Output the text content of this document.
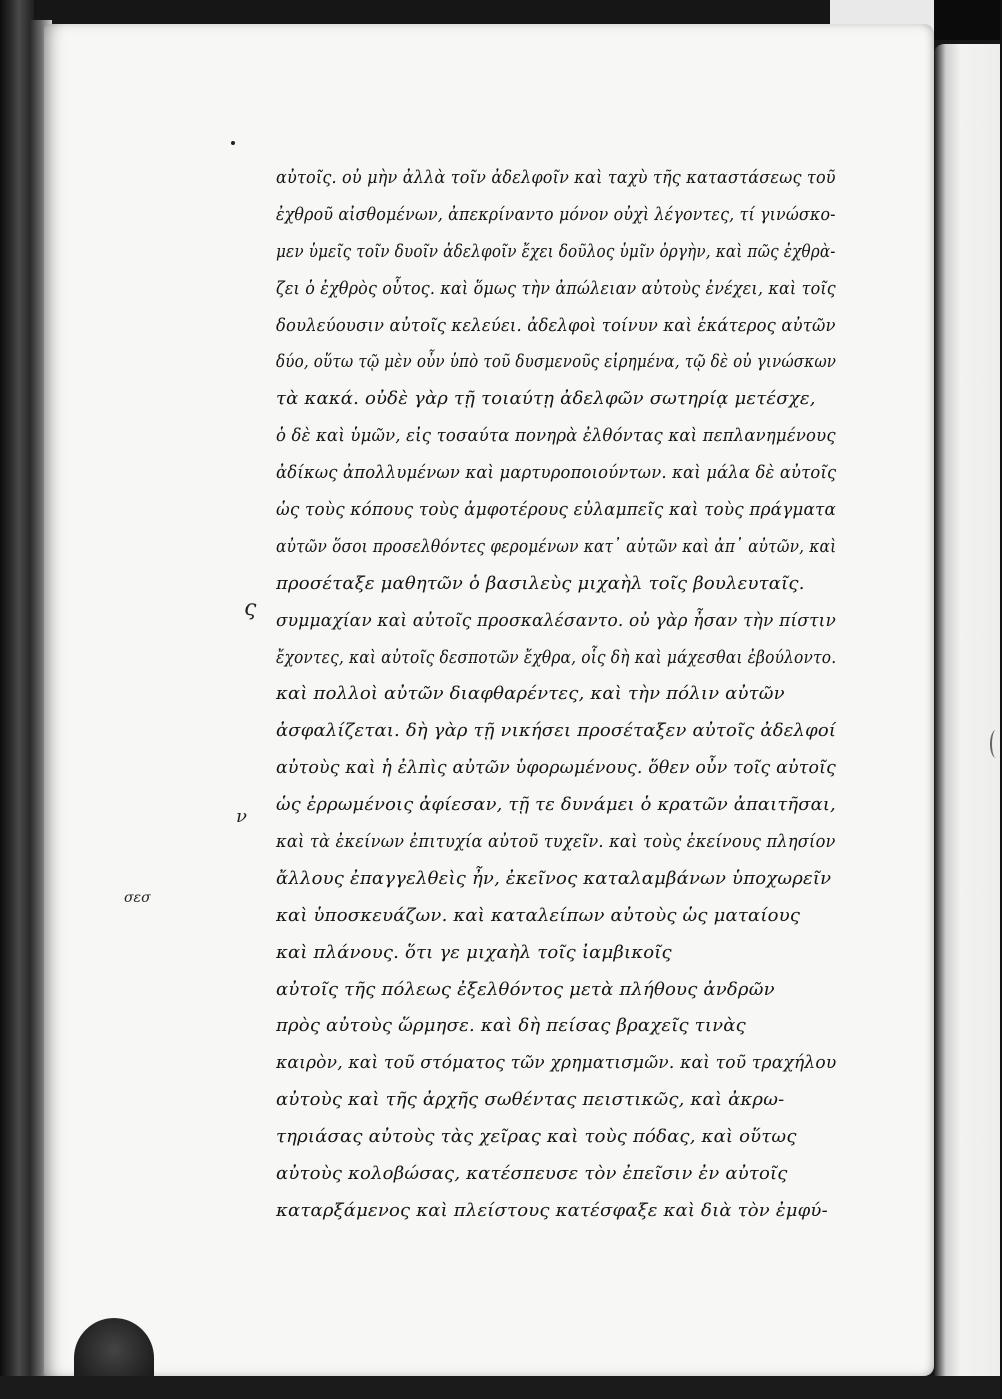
αὐτοῖς. οὐ μὴν ἀλλὰ τοῖν ἀδελφοῖν καὶ ταχὺ τῆς καταστάσεως τοῦ
ἐχθροῦ αἰσθομένων, ἀπεκρίναντο μόνον οὐχὶ λέγοντες, τί γινώσκο-
μεν ὑμεῖς τοῖν δυοῖν ἀδελφοῖν ἔχει δοῦλος ὑμῖν ὀργὴν, καὶ πῶς ἐχθρὰ-
ζει ὁ ἐχθρὸς οὗτος. καὶ ὅμως τὴν ἀπώλειαν αὐτοὺς ἐνέχει, καὶ τοῖς
δουλεύουσιν αὐτοῖς κελεύει. ἀδελφοὶ τοίνυν καὶ ἑκάτερος αὐτῶν
δύο, οὕτω τῷ μὲν οὖν ὑπὸ τοῦ δυσμενοῦς εἰρημένα, τῷ δὲ οὐ γινώσκων
τὰ κακά. οὐδὲ γὰρ τῇ τοιαύτῃ ἀδελφῶν σωτηρίᾳ μετέσχε,
ὁ δὲ καὶ ὑμῶν, εἰς τοσαύτα πονηρὰ ἐλθόντας καὶ πεπλανημένους
ἀδίκως ἀπολλυμένων καὶ μαρτυροποιούντων. καὶ μάλα δὲ αὐτοῖς
ὡς τοὺς κόπους τοὺς ἀμφοτέρους εὐλαμπεῖς καὶ τοὺς πράγματα
αὐτῶν ὅσοι προσελθόντες φερομένων κατ᾽ αὐτῶν καὶ ἀπ᾽ αὐτῶν, καὶ
προσέταξε μαθητῶν ὁ βασιλεὺς μιχαὴλ τοῖς βουλευταῖς.
συμμαχίαν καὶ αὐτοῖς προσκαλέσαντο. οὐ γὰρ ἦσαν τὴν πίστιν
ἔχοντες, καὶ αὐτοῖς δεσποτῶν ἔχθρα, οἷς δὴ καὶ μάχεσθαι ἐβούλοντο.
καὶ πολλοὶ αὐτῶν διαφθαρέντες, καὶ τὴν πόλιν αὐτῶν
ἀσφαλίζεται. δὴ γὰρ τῇ νικήσει προσέταξεν αὐτοῖς ἀδελφοί
αὐτοὺς καὶ ἡ ἐλπὶς αὐτῶν ὑφορωμένους. ὅθεν οὖν τοῖς αὐτοῖς
ὡς ἐρρωμένοις ἀφίεσαν, τῇ τε δυνάμει ὁ κρατῶν ἀπαιτῆσαι,
καὶ τὰ ἐκείνων ἐπιτυχία αὐτοῦ τυχεῖν. καὶ τοὺς ἐκείνους πλησίον
ἄλλους ἐπαγγελθεὶς ἦν, ἐκεῖνος καταλαμβάνων ὑποχωρεῖν
καὶ ὑποσκευάζων. καὶ καταλείπων αὐτοὺς ὡς ματαίους
καὶ πλάνους. ὅτι γε μιχαὴλ τοῖς ἰαμβικοῖς
αὐτοῖς τῆς πόλεως ἐξελθόντος μετὰ πλήθους ἀνδρῶν
πρὸς αὐτοὺς ὥρμησε. καὶ δὴ πείσας βραχεῖς τινὰς
καιρὸν, καὶ τοῦ στόματος τῶν χρηματισμῶν. καὶ τοῦ τραχήλου
αὐτοὺς καὶ τῆς ἀρχῆς σωθέντας πειστικῶς, καὶ ἀκρω-
τηριάσας αὐτοὺς τὰς χεῖρας καὶ τοὺς πόδας, καὶ οὕτως
αὐτοὺς κολοβώσας, κατέσπευσε τὸν ἐπεῖσιν ἐν αὐτοῖς
καταρξάμενος καὶ πλείστους κατέσφαξε καὶ διὰ τὸν ἐμφύ-
ς
ν
σεσ
